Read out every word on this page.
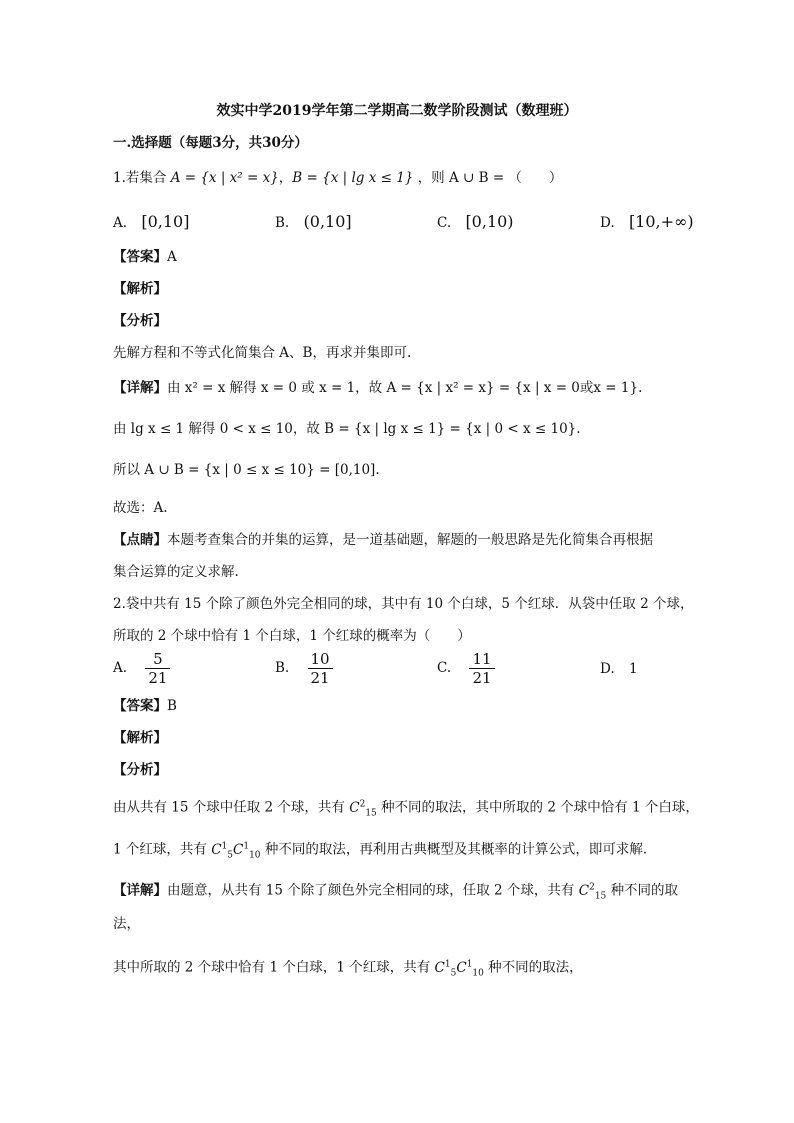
效实中学2019学年第二学期高二数学阶段测试（数理班）
一.选择题（每题3分，共30分）
1.若集合 A = {x | x² = x}，B = {x | lg x ≤ 1} ，则 A ∪ B = （　　）
A. [0,10]	B. (0,10]	C. [0,10)	D. [10,+∞)
【答案】A
【解析】
【分析】
先解方程和不等式化简集合 A、B，再求并集即可.
【详解】由 x² = x 解得 x = 0 或 x = 1，故 A = {x | x² = x} = {x | x = 0或x = 1}.
由 lg x ≤ 1 解得 0 < x ≤ 10，故 B = {x | lg x ≤ 1} = {x | 0 < x ≤ 10}.
所以 A ∪ B = {x | 0 ≤ x ≤ 10} = [0,10].
故选：A.
【点睛】本题考查集合的并集的运算，是一道基础题，解题的一般思路是先化简集合再根据
集合运算的定义求解.
2.袋中共有 15 个除了颜色外完全相同的球，其中有 10 个白球，5 个红球．从袋中任取 2 个球，
所取的 2 个球中恰有 1 个白球，1 个红球的概率为（　　）
A. $\frac{5}{21}$	B. $\frac{10}{21}$	C. $\frac{11}{21}$	D. 1
【答案】B
【解析】
【分析】
由从共有 15 个球中任取 2 个球，共有 $C^2_{15}$ 种不同的取法，其中所取的 2 个球中恰有 1 个白球，
1 个红球，共有 $C^1_5C^1_{10}$ 种不同的取法，再利用古典概型及其概率的计算公式，即可求解．
【详解】由题意，从共有 15 个除了颜色外完全相同的球，任取 2 个球，共有 $C^2_{15}$ 种不同的取
法，
其中所取的 2 个球中恰有 1 个白球，1 个红球，共有 $C^1_5C^1_{10}$ 种不同的取法，
